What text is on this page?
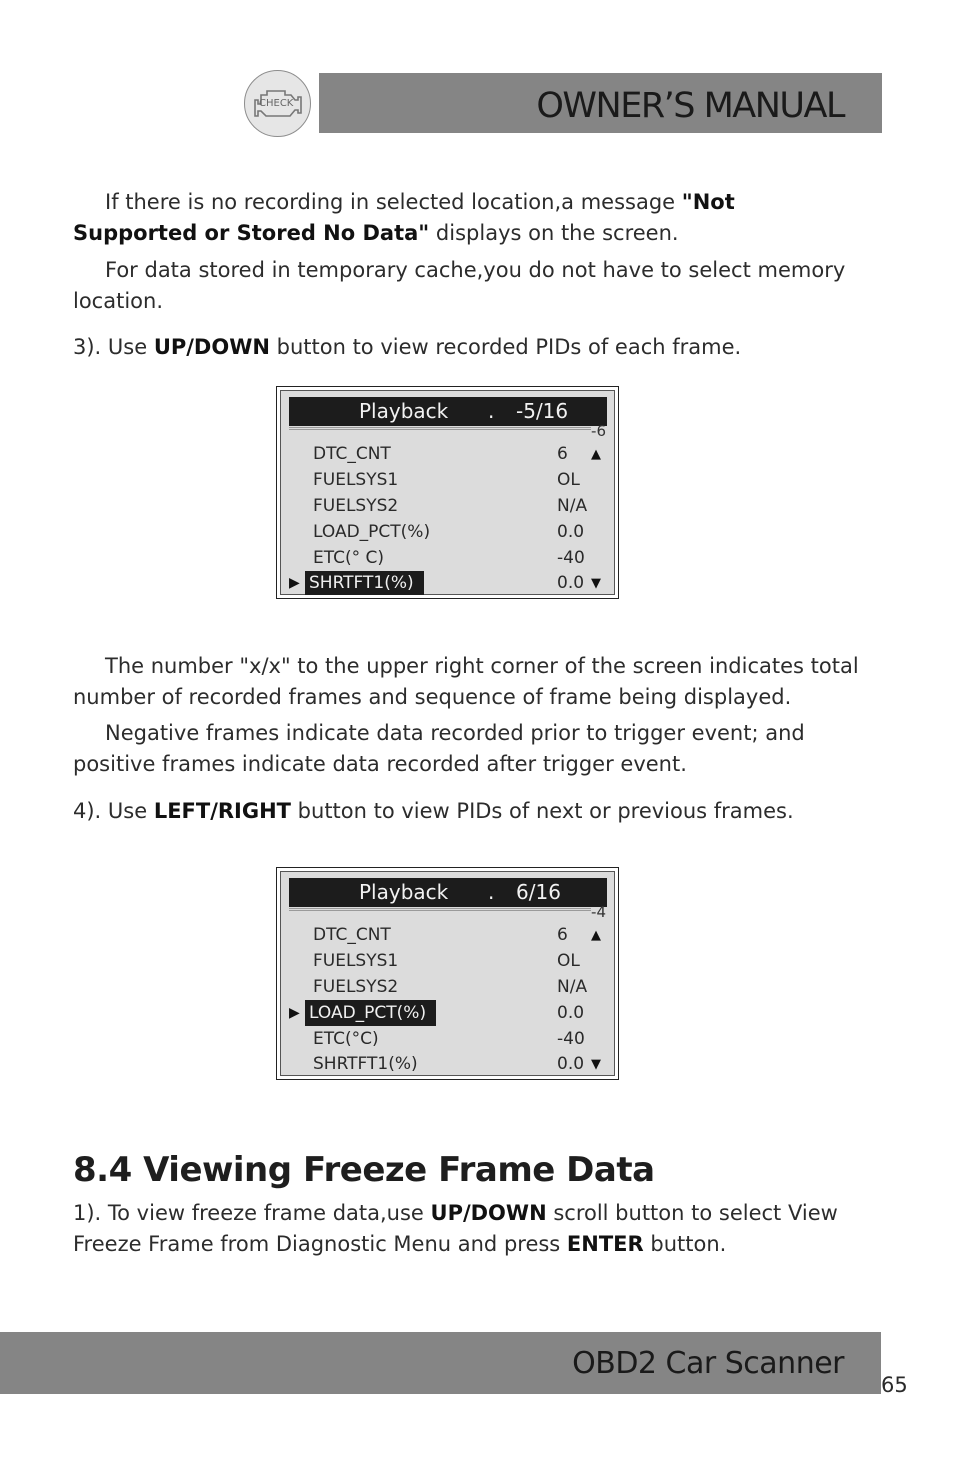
OWNER’S MANUAL
CHECK
If there is no recording in selected location,a message "Not
Supported or Stored No Data" displays on the screen.
For data stored in temporary cache,you do not have to select memory
location.
3). Use UP/DOWN button to view recorded PIDs of each frame.
Playback . -5/16
-6
DTC_CNT	6 ▲
FUELSYS1	OL
FUELSYS2	N/A
LOAD_PCT(%)	0.0
ETC(° C)	-40
▶ SHRTFT1(%)	0.0 ▼
The number "x/x" to the upper right corner of the screen indicates total
number of recorded frames and sequence of frame being displayed.
Negative frames indicate data recorded prior to trigger event; and
positive frames indicate data recorded after trigger event.
4). Use LEFT/RIGHT button to view PIDs of next or previous frames.
Playback . 6/16
-4
DTC_CNT	6 ▲
FUELSYS1	OL
FUELSYS2	N/A
▶ LOAD_PCT(%)	0.0
ETC(°C)	-40
SHRTFT1(%)	0.0 ▼
8.4 Viewing Freeze Frame Data
1). To view freeze frame data,use UP/DOWN scroll button to select View
Freeze Frame from Diagnostic Menu and press ENTER button.
OBD2 Car Scanner
65
